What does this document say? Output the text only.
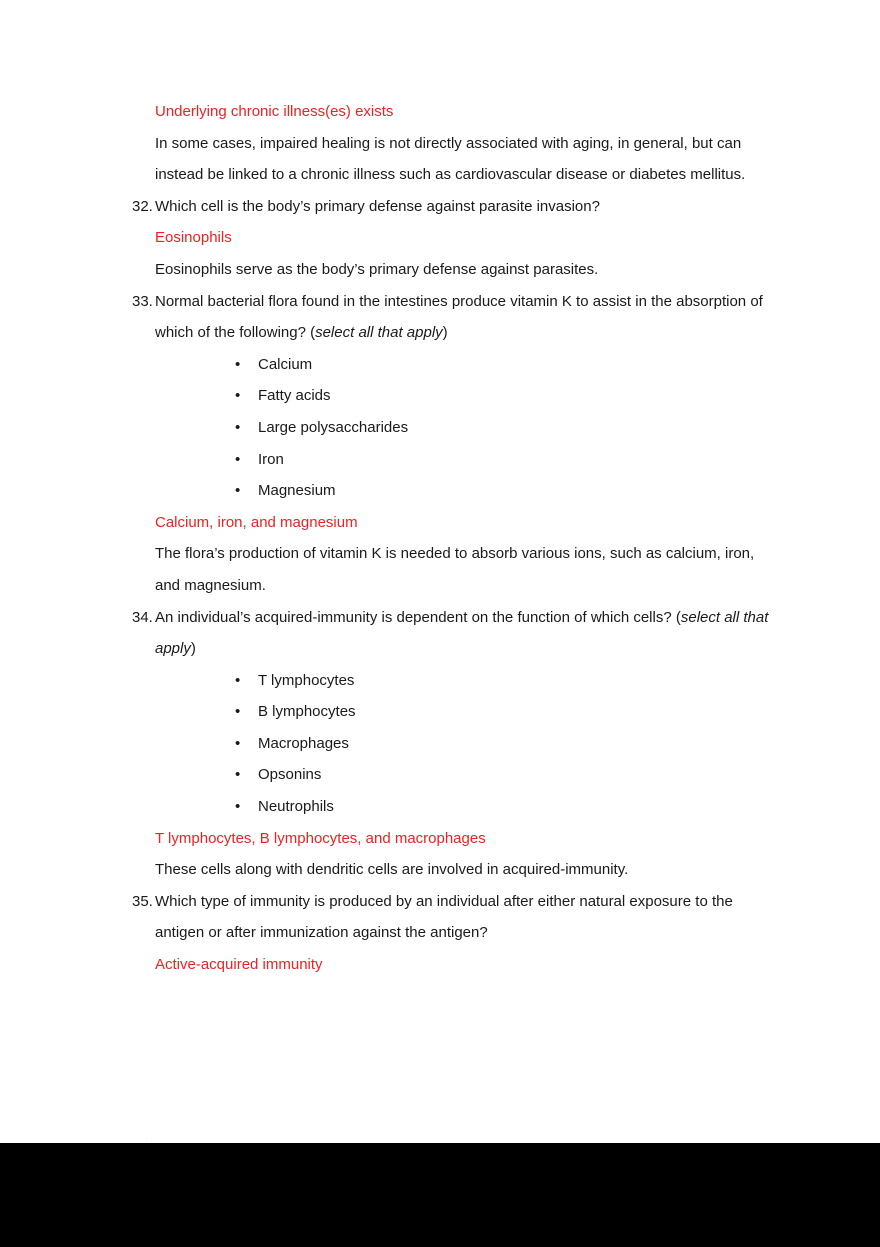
Underlying chronic illness(es) exists
In some cases, impaired healing is not directly associated with aging, in general, but can instead be linked to a chronic illness such as cardiovascular disease or diabetes mellitus.
32. Which cell is the body’s primary defense against parasite invasion?
Eosinophils
Eosinophils serve as the body’s primary defense against parasites.
33. Normal bacterial flora found in the intestines produce vitamin K to assist in the absorption of which of the following? (select all that apply)
• Calcium
• Fatty acids
• Large polysaccharides
• Iron
• Magnesium
Calcium, iron, and magnesium
The flora’s production of vitamin K is needed to absorb various ions, such as calcium, iron, and magnesium.
34. An individual’s acquired-immunity is dependent on the function of which cells? (select all that apply)
• T lymphocytes
• B lymphocytes
• Macrophages
• Opsonins
• Neutrophils
T lymphocytes, B lymphocytes, and macrophages
These cells along with dendritic cells are involved in acquired-immunity.
35. Which type of immunity is produced by an individual after either natural exposure to the antigen or after immunization against the antigen?
Active-acquired immunity
